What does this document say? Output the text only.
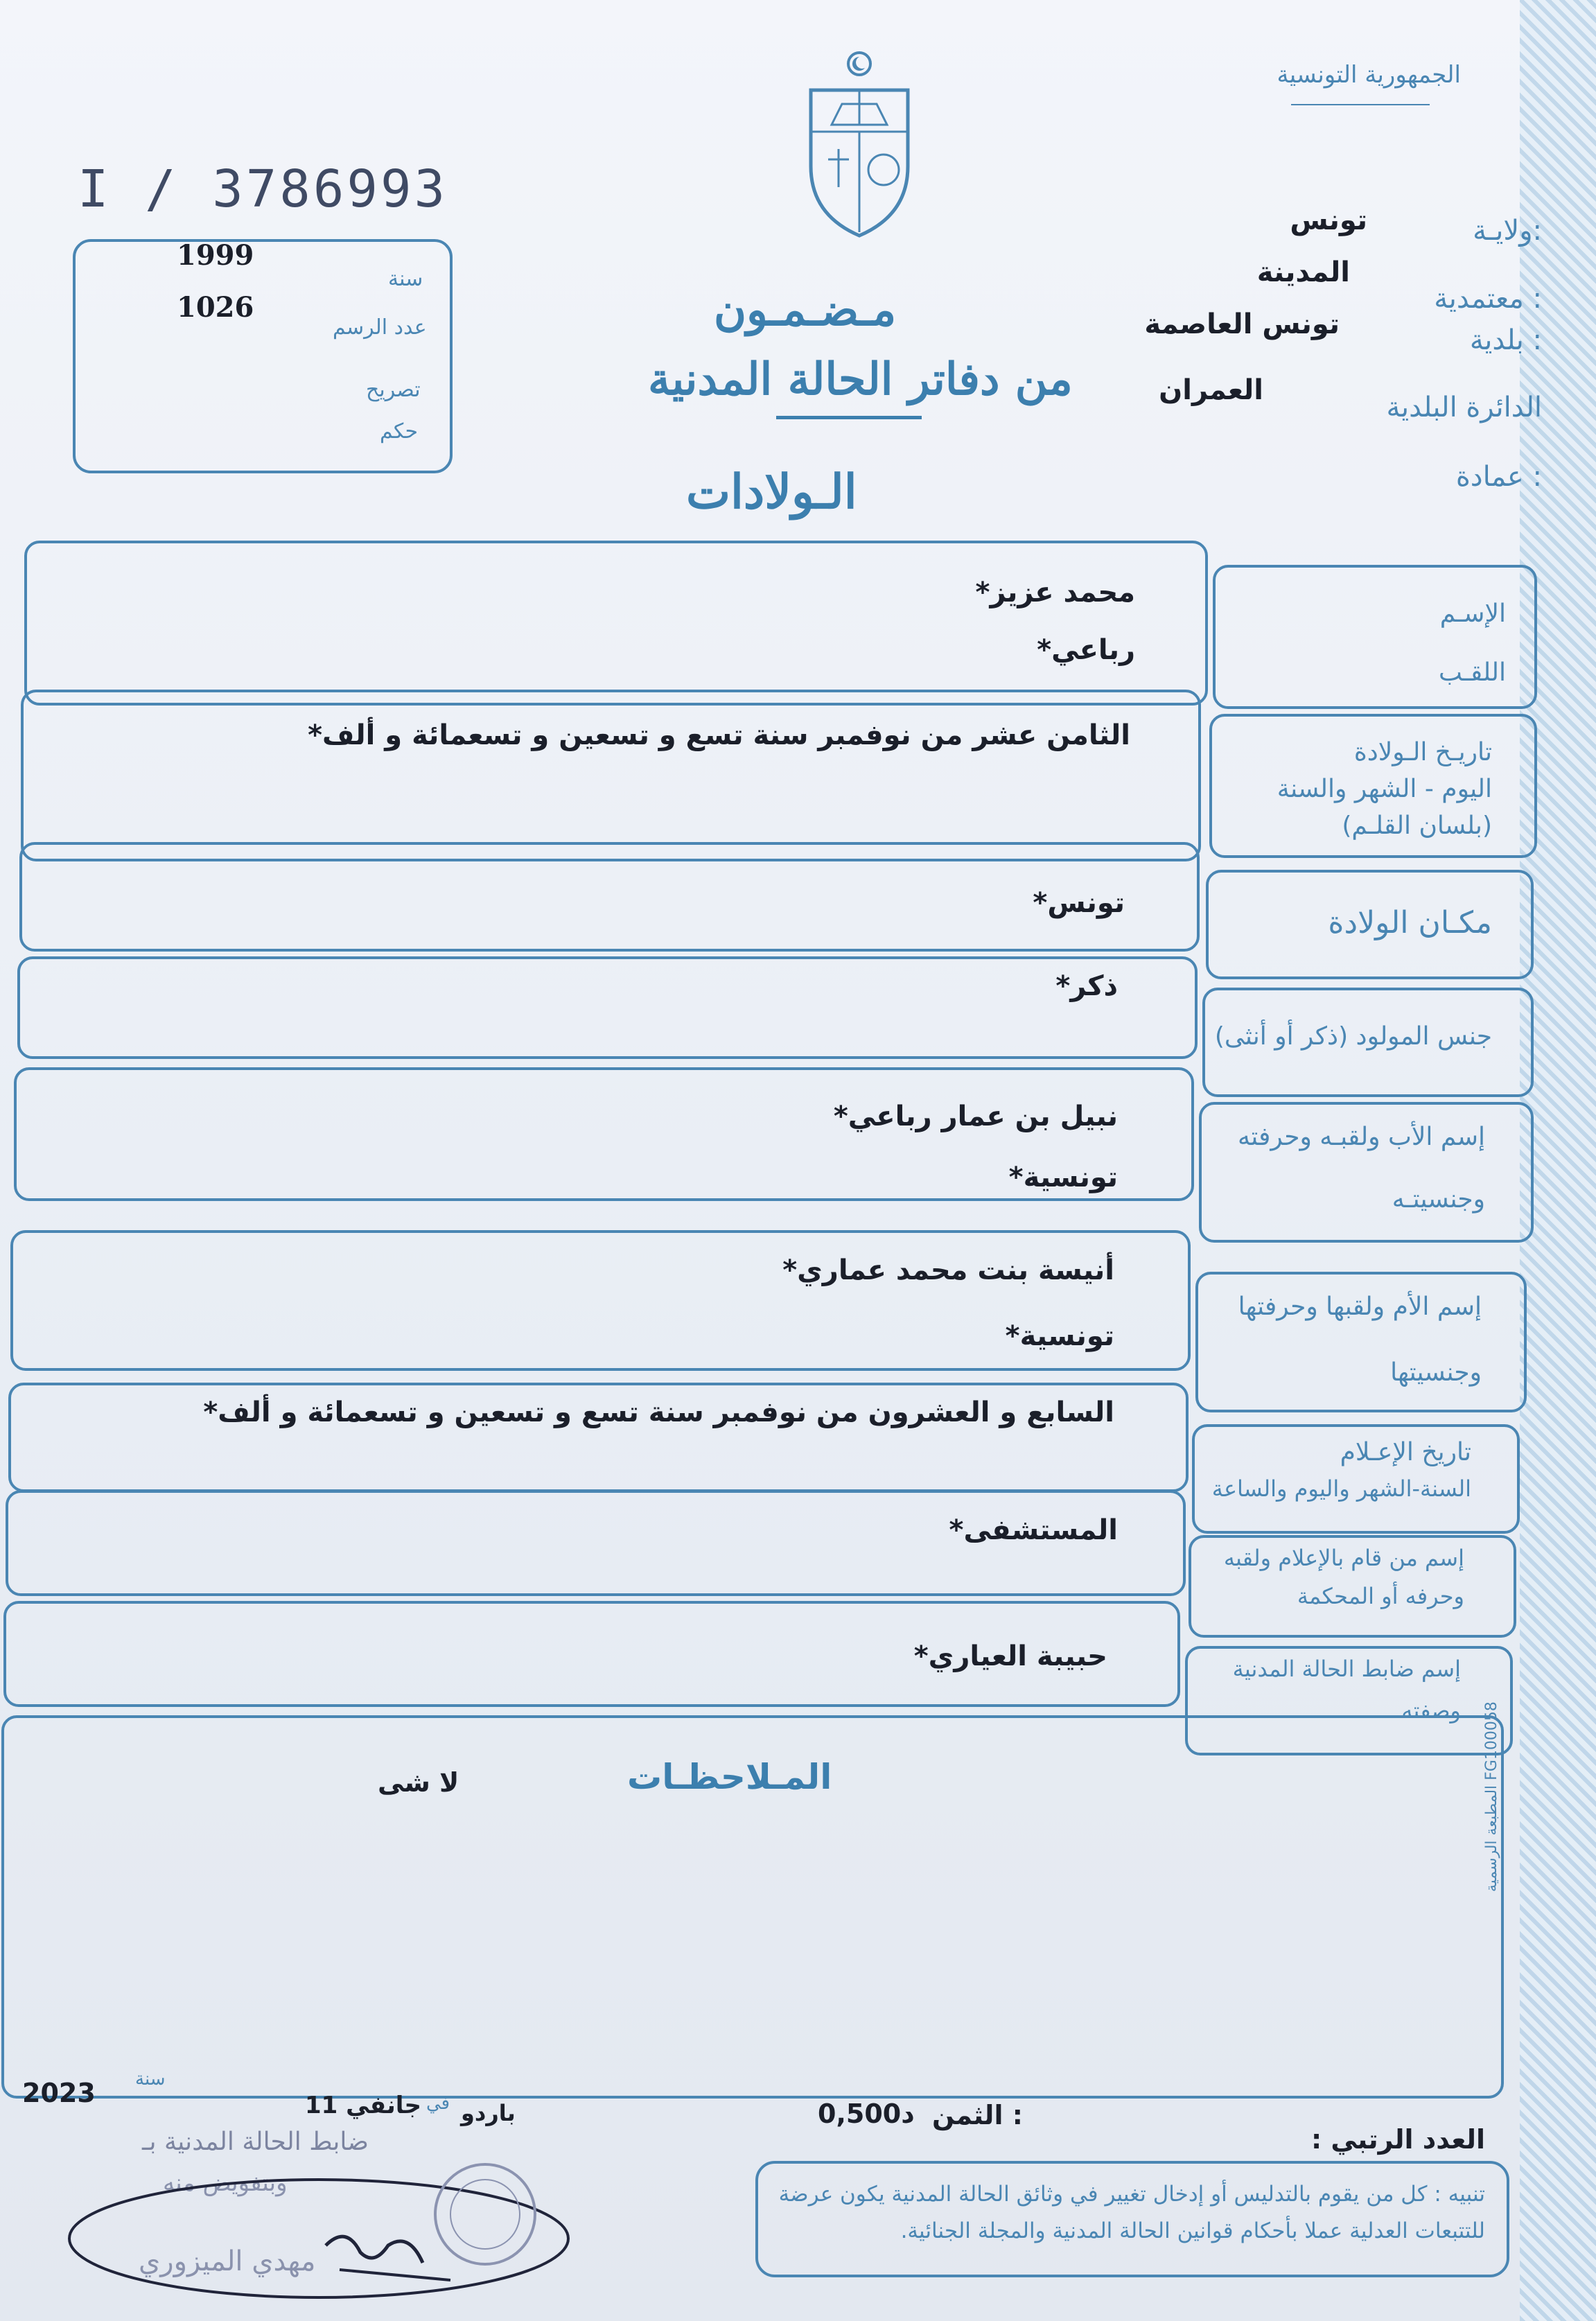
الجمهورية التونسية
I / 3786993
سنة
1999
عدد الرسم
1026
تصريح
حكم
مـضـمـون
من دفاتر الحالة المدنية
الـولادات
ولايـة:
تونس
المدينة
معتمدية :
تونس العاصمة	بلدية :
العمران
الدائرة البلدية
عمادة :
الإسـم
اللقـب
محمد عزيز*
رباعي*
تاريـخ الـولادة
اليوم - الشهر والسنة
(بلسان القلـم)
الثامن عشر من نوفمبر سنة تسع و تسعين و تسعمائة و ألف*
مكـان الولادة
تونس*
جنس المولود (ذكر أو أنثى)
ذكر*
إسم الأب ولقبـه وحرفته
وجنسيتـه
نبيل بن عمار رباعي*
تونسية*
إسم الأم ولقبها وحرفتها
وجنسيتها
أنيسة بنت محمد عماري*
تونسية*
تاريخ الإعـلام
السنة-الشهر واليوم والساعة
السابع و العشرون من نوفمبر سنة تسع و تسعين و تسعمائة و ألف*
إسم من قام بالإعلام ولقبه
وحرفه أو المحكمة
المستشفى*
إسم ضابط الحالة المدنية
وصفته
حبيبة العياري*
المـلاحظـات
لا شى
المطبعة الرسمية FG100058
العدد الرتبي :
الثمن :
0,500د
باردو
في
11 جانفي
سنة
2023
ضابط الحالة المدنية بـ
وبتفويض منه
مهدي الميزوري
تنبيه : كل من يقوم بالتدليس أو إدخال تغيير في وثائق الحالة المدنية يكون عرضة للتتبعات العدلية عملا بأحكام قوانين الحالة المدنية والمجلة الجنائية.
